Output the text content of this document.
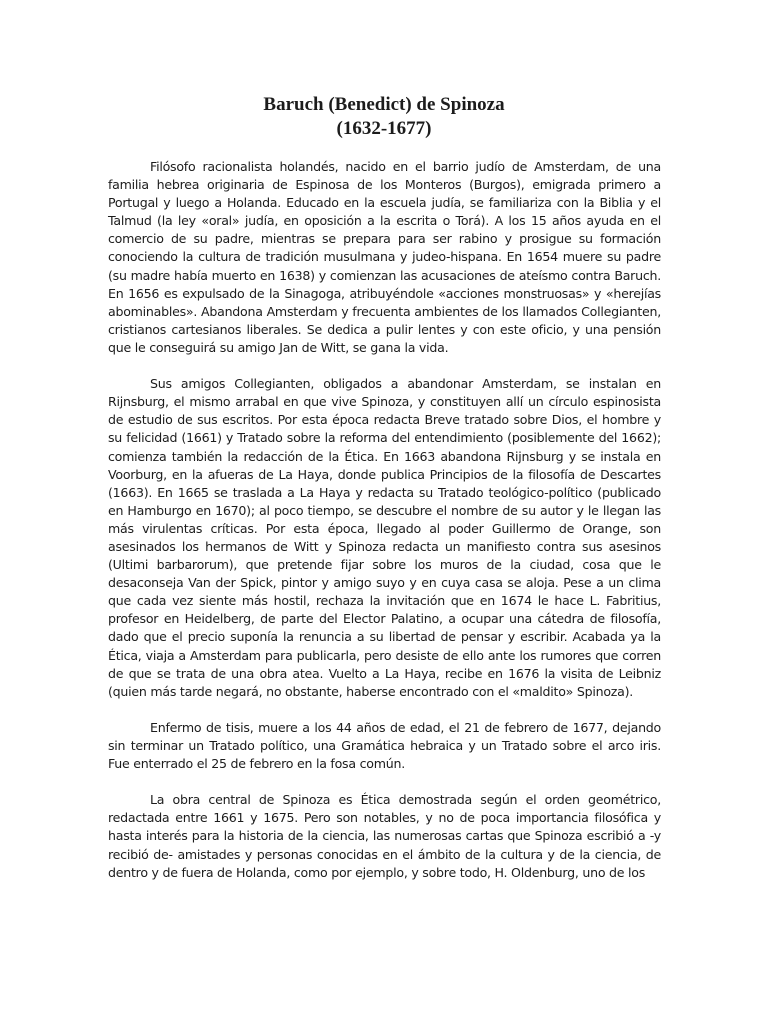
Baruch (Benedict) de Spinoza
(1632-1677)

Filósofo racionalista holandés, nacido en el barrio judío de Amsterdam, de una familia hebrea originaria de Espinosa de los Monteros (Burgos), emigrada primero a Portugal y luego a Holanda. Educado en la escuela judía, se familiariza con la Biblia y el Talmud (la ley «oral» judía, en oposición a la escrita o Torá). A los 15 años ayuda en el comercio de su padre, mientras se prepara para ser rabino y prosigue su formación conociendo la cultura de tradición musulmana y judeo-hispana. En 1654 muere su padre (su madre había muerto en 1638) y comienzan las acusaciones de ateísmo contra Baruch. En 1656 es expulsado de la Sinagoga, atribuyéndole «acciones monstruosas» y «herejías abominables». Abandona Amsterdam y frecuenta ambientes de los llamados Collegianten, cristianos cartesianos liberales. Se dedica a pulir lentes y con este oficio, y una pensión que le conseguirá su amigo Jan de Witt, se gana la vida.

Sus amigos Collegianten, obligados a abandonar Amsterdam, se instalan en Rijnsburg, el mismo arrabal en que vive Spinoza, y constituyen allí un círculo espinosista de estudio de sus escritos. Por esta época redacta Breve tratado sobre Dios, el hombre y su felicidad (1661) y Tratado sobre la reforma del entendimiento (posiblemente del 1662); comienza también la redacción de la Ética. En 1663 abandona Rijnsburg y se instala en Voorburg, en la afueras de La Haya, donde publica Principios de la filosofía de Descartes (1663). En 1665 se traslada a La Haya y redacta su Tratado teológico-político (publicado en Hamburgo en 1670); al poco tiempo, se descubre el nombre de su autor y le llegan las más virulentas críticas. Por esta época, llegado al poder Guillermo de Orange, son asesinados los hermanos de Witt y Spinoza redacta un manifiesto contra sus asesinos (Ultimi barbarorum), que pretende fijar sobre los muros de la ciudad, cosa que le desaconseja Van der Spick, pintor y amigo suyo y en cuya casa se aloja. Pese a un clima que cada vez siente más hostil, rechaza la invitación que en 1674 le hace L. Fabritius, profesor en Heidelberg, de parte del Elector Palatino, a ocupar una cátedra de filosofía, dado que el precio suponía la renuncia a su libertad de pensar y escribir. Acabada ya la Ética, viaja a Amsterdam para publicarla, pero desiste de ello ante los rumores que corren de que se trata de una obra atea. Vuelto a La Haya, recibe en 1676 la visita de Leibniz (quien más tarde negará, no obstante, haberse encontrado con el «maldito» Spinoza).

Enfermo de tisis, muere a los 44 años de edad, el 21 de febrero de 1677, dejando sin terminar un Tratado político, una Gramática hebraica y un Tratado sobre el arco iris. Fue enterrado el 25 de febrero en la fosa común.

La obra central de Spinoza es Ética demostrada según el orden geométrico, redactada entre 1661 y 1675. Pero son notables, y no de poca importancia filosófica y hasta interés para la historia de la ciencia, las numerosas cartas que Spinoza escribió a -y recibió de- amistades y personas conocidas en el ámbito de la cultura y de la ciencia, de dentro y de fuera de Holanda, como por ejemplo, y sobre todo, H. Oldenburg, uno de los
